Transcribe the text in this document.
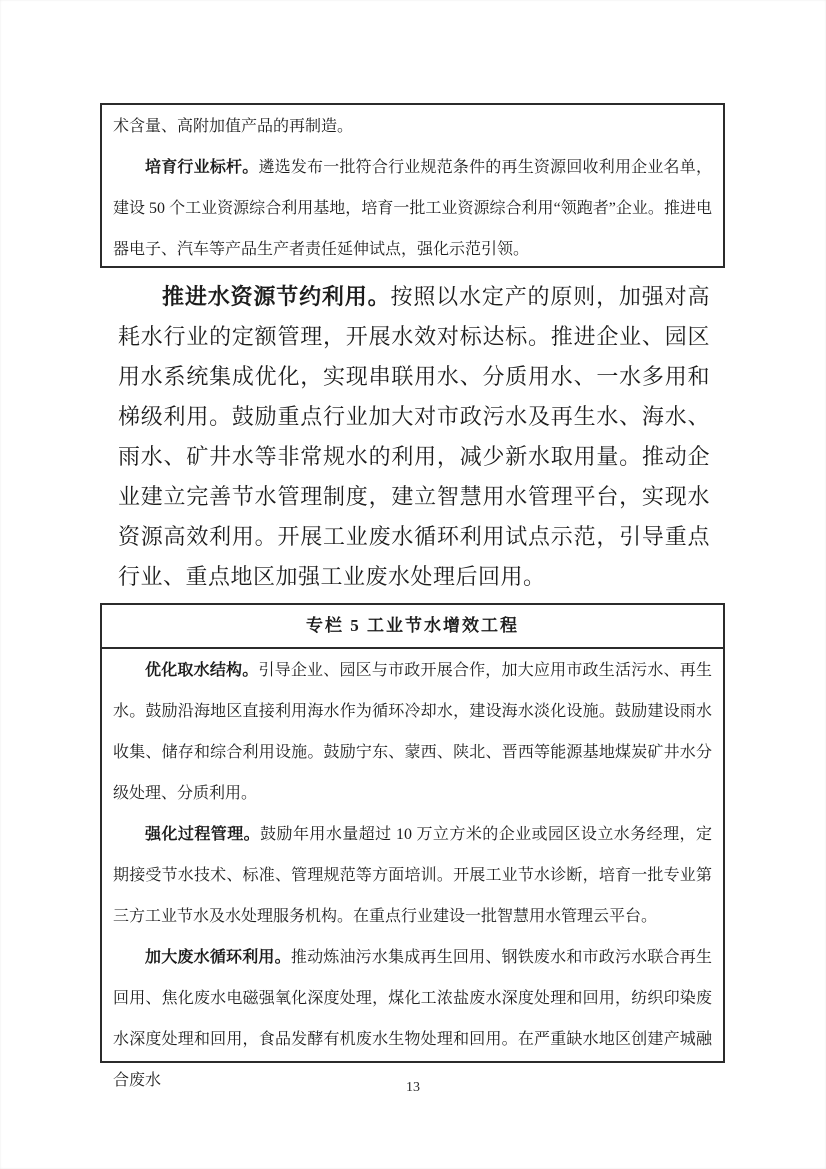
术含量、高附加值产品的再制造。

培育行业标杆。遴选发布一批符合行业规范条件的再生资源回收利用企业名单，建设 50 个工业资源综合利用基地，培育一批工业资源综合利用“领跑者”企业。推进电器电子、汽车等产品生产者责任延伸试点，强化示范引领。

推进水资源节约利用。按照以水定产的原则，加强对高耗水行业的定额管理，开展水效对标达标。推进企业、园区用水系统集成优化，实现串联用水、分质用水、一水多用和梯级利用。鼓励重点行业加大对市政污水及再生水、海水、雨水、矿井水等非常规水的利用，减少新水取用量。推动企业建立完善节水管理制度，建立智慧用水管理平台，实现水资源高效利用。开展工业废水循环利用试点示范，引导重点行业、重点地区加强工业废水处理后回用。

专栏 5 工业节水增效工程

优化取水结构。引导企业、园区与市政开展合作，加大应用市政生活污水、再生水。鼓励沿海地区直接利用海水作为循环冷却水，建设海水淡化设施。鼓励建设雨水收集、储存和综合利用设施。鼓励宁东、蒙西、陕北、晋西等能源基地煤炭矿井水分级处理、分质利用。

强化过程管理。鼓励年用水量超过 10 万立方米的企业或园区设立水务经理，定期接受节水技术、标准、管理规范等方面培训。开展工业节水诊断，培育一批专业第三方工业节水及水处理服务机构。在重点行业建设一批智慧用水管理云平台。

加大废水循环利用。推动炼油污水集成再生回用、钢铁废水和市政污水联合再生回用、焦化废水电磁强氧化深度处理，煤化工浓盐废水深度处理和回用，纺织印染废水深度处理和回用，食品发酵有机废水生物处理和回用。在严重缺水地区创建产城融合废水	13
